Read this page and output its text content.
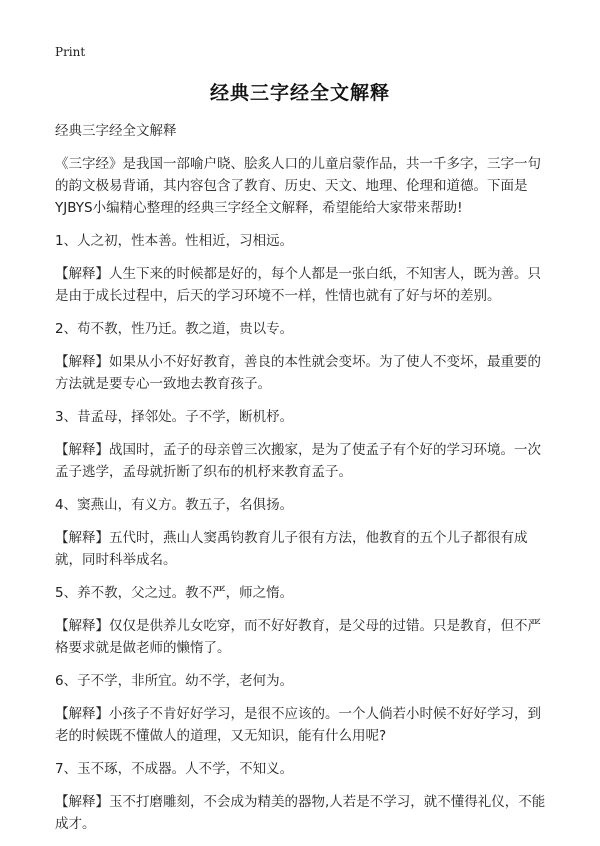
Print
经典三字经全文解释

经典三字经全文解释

《三字经》是我国一部喻户晓、脍炙人口的儿童启蒙作品，共一千多字，三字一句的韵文极易背诵，其内容包含了教育、历史、天文、地理、伦理和道德。下面是YJBYS小编精心整理的经典三字经全文解释，希望能给大家带来帮助!

1、人之初，性本善。性相近，习相远。

【解释】人生下来的时候都是好的，每个人都是一张白纸，不知害人，既为善。只是由于成长过程中，后天的学习环境不一样，性情也就有了好与坏的差别。

2、苟不教，性乃迁。教之道，贵以专。

【解释】如果从小不好好教育，善良的本性就会变坏。为了使人不变坏，最重要的方法就是要专心一致地去教育孩子。

3、昔孟母，择邻处。子不学，断机杼。

【解释】战国时，孟子的母亲曾三次搬家，是为了使孟子有个好的学习环境。一次孟子逃学，孟母就折断了织布的机杼来教育孟子。

4、窦燕山，有义方。教五子，名俱扬。

【解释】五代时，燕山人窦禹钧教育儿子很有方法，他教育的五个儿子都很有成就，同时科举成名。

5、养不教，父之过。教不严，师之惰。

【解释】仅仅是供养儿女吃穿，而不好好教育，是父母的过错。只是教育，但不严格要求就是做老师的懒惰了。

6、子不学，非所宜。幼不学，老何为。

【解释】小孩子不肯好好学习，是很不应该的。一个人倘若小时候不好好学习，到老的时候既不懂做人的道理，又无知识，能有什么用呢?

7、玉不琢，不成器。人不学，不知义。

【解释】玉不打磨雕刻，不会成为精美的器物,人若是不学习，就不懂得礼仪，不能成才。
